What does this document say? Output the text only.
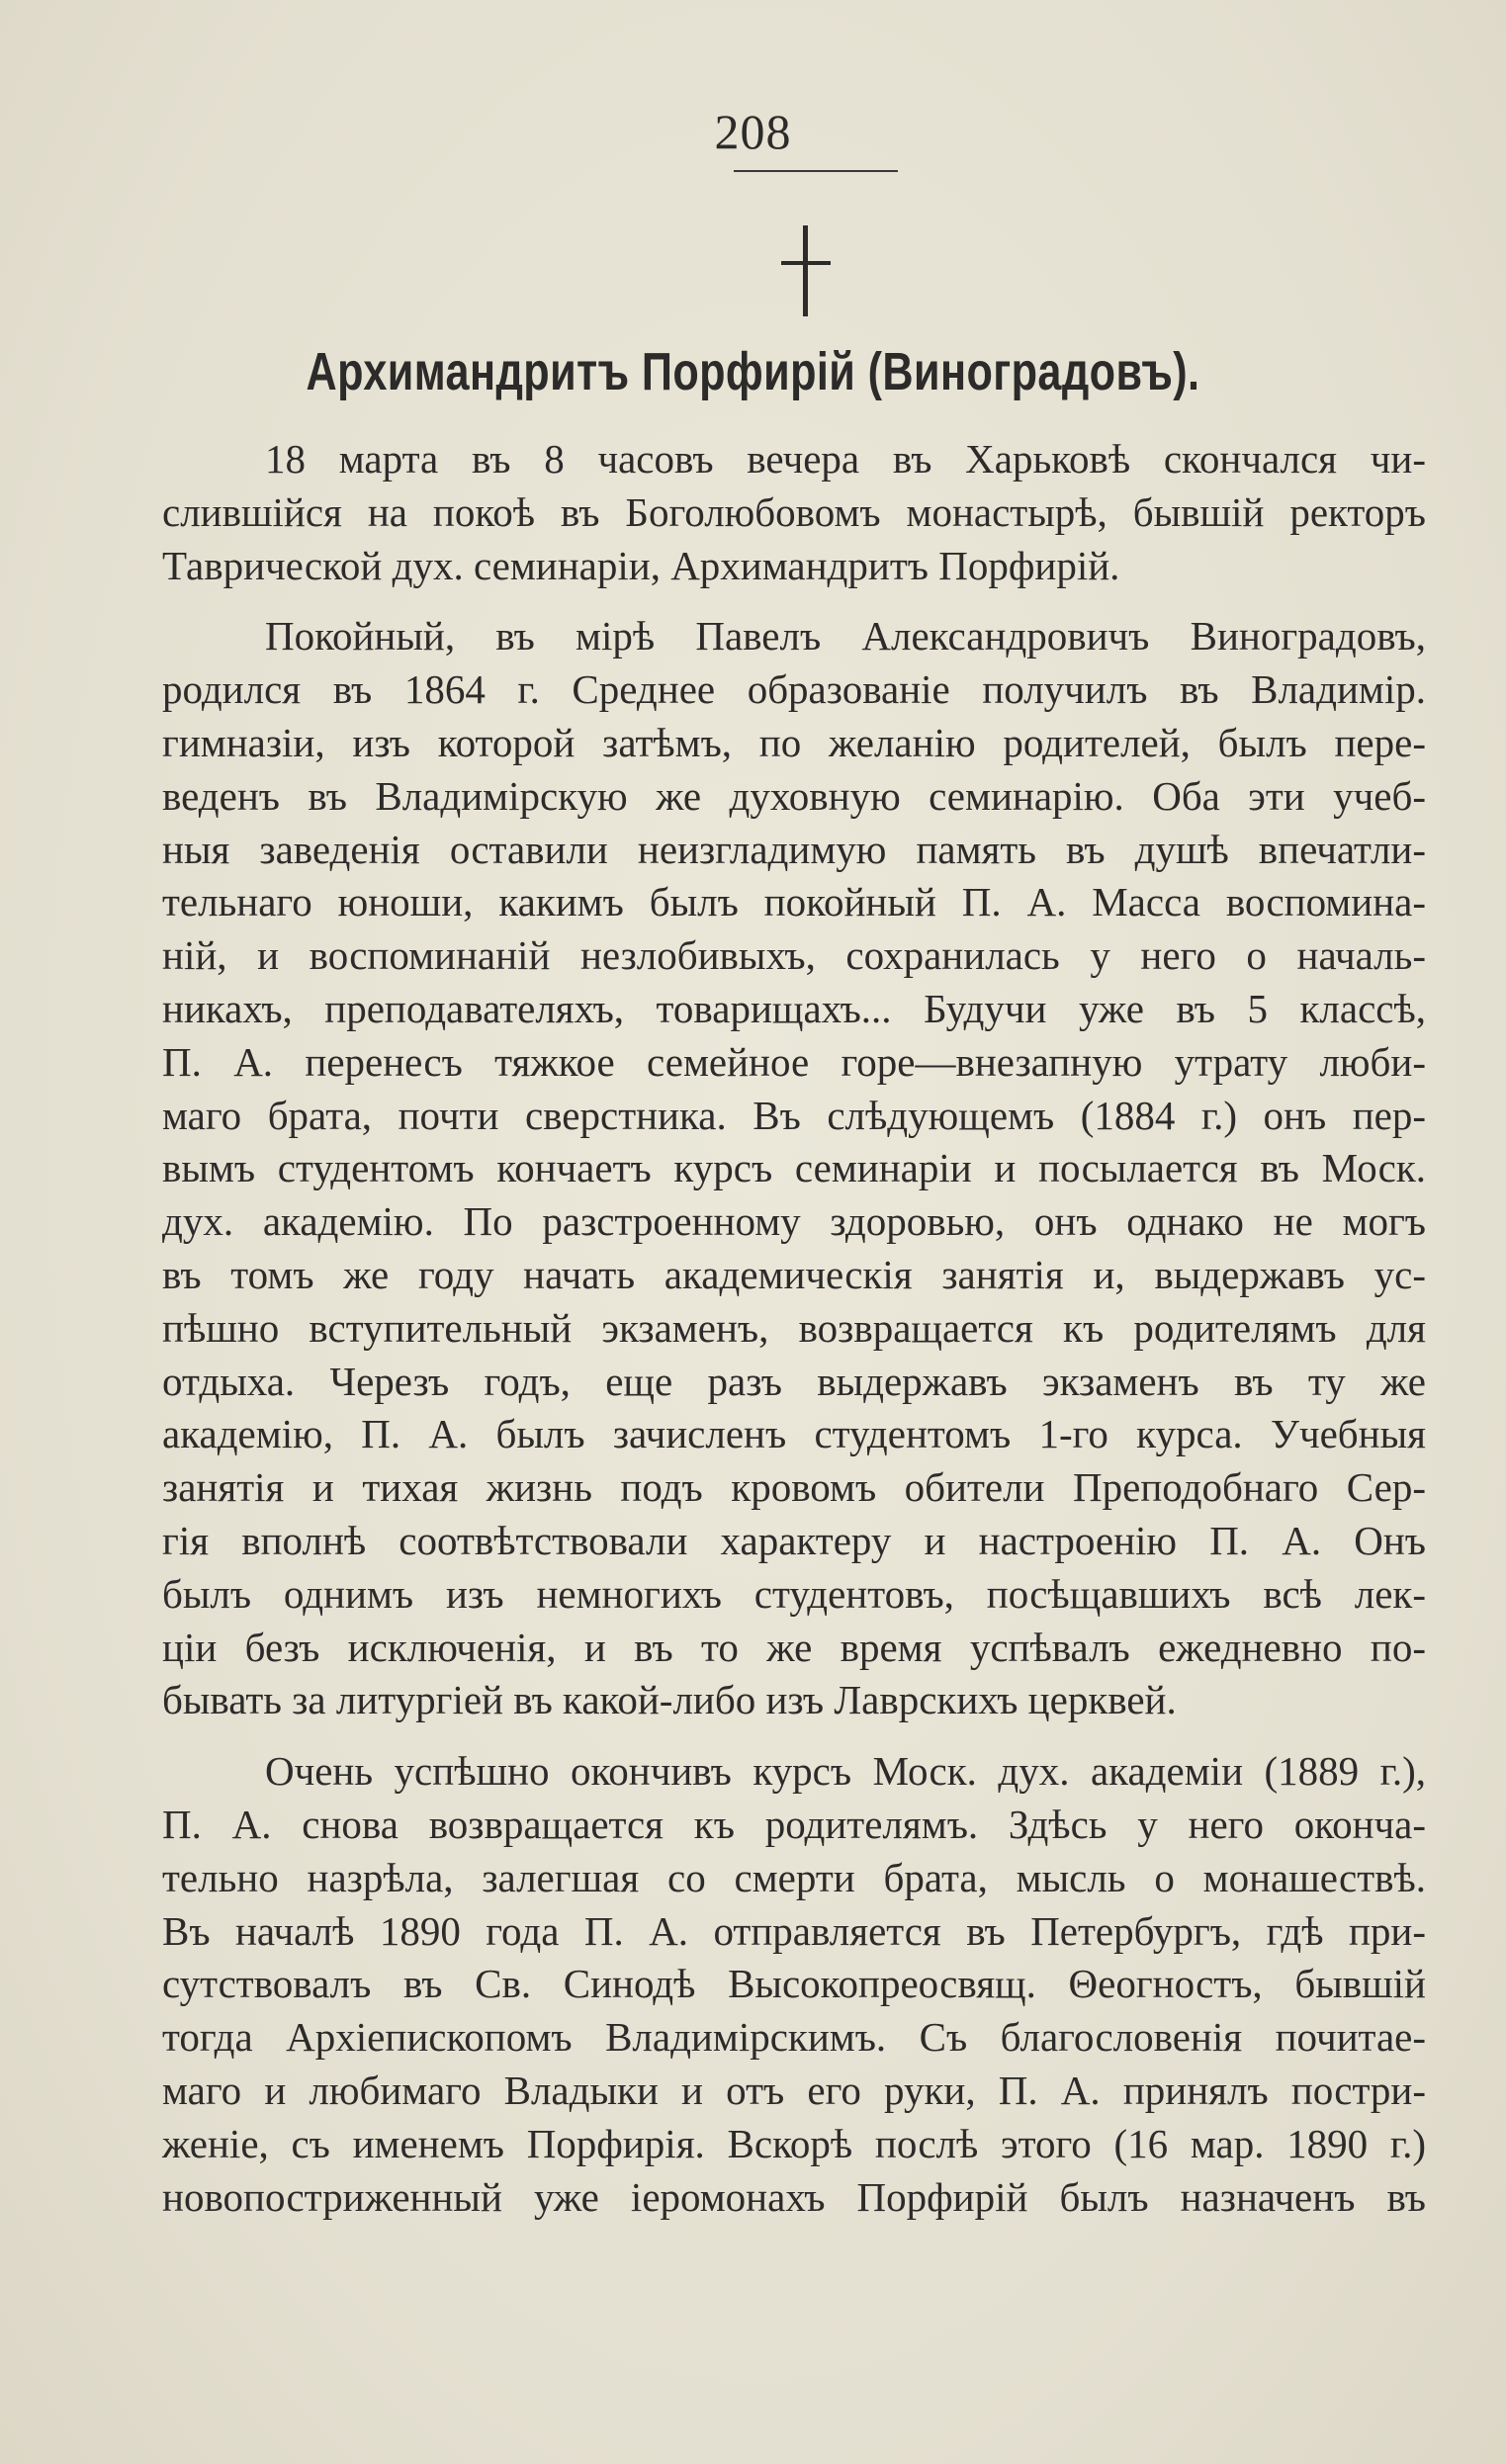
208
Архимандритъ Порфирій (Виноградовъ).
18 марта въ 8 часовъ вечера въ Харьковѣ скончался чи-
слившійся на покоѣ въ Боголюбовомъ монастырѣ, бывшій ректоръ
Таврической дух. семинаріи, Архимандритъ Порфирій.
Покойный, въ мірѣ Павелъ Александровичъ Виноградовъ,
родился въ 1864 г. Среднее образованіе получилъ въ Владимір.
гимназіи, изъ которой затѣмъ, по желанію родителей, былъ пере-
веденъ въ Владимірскую же духовную семинарію. Оба эти учеб-
ныя заведенія оставили неизгладимую память въ душѣ впечатли-
тельнаго юноши, какимъ былъ покойный П. А. Масса воспомина-
ній, и воспоминаній незлобивыхъ, сохранилась у него о началь-
никахъ, преподавателяхъ, товарищахъ... Будучи уже въ 5 классѣ,
П. А. перенесъ тяжкое семейное горе—внезапную утрату люби-
маго брата, почти сверстника. Въ слѣдующемъ (1884 г.) онъ пер-
вымъ студентомъ кончаетъ курсъ семинаріи и посылается въ Моск.
дух. академію. По разстроенному здоровью, онъ однако не могъ
въ томъ же году начать академическія занятія и, выдержавъ ус-
пѣшно вступительный экзаменъ, возвращается къ родителямъ для
отдыха. Черезъ годъ, еще разъ выдержавъ экзаменъ въ ту же
академію, П. А. былъ зачисленъ студентомъ 1-го курса. Учебныя
занятія и тихая жизнь подъ кровомъ обители Преподобнаго Сер-
гія вполнѣ соотвѣтствовали характеру и настроенію П. А. Онъ
былъ однимъ изъ немногихъ студентовъ, посѣщавшихъ всѣ лек-
ціи безъ исключенія, и въ то же время успѣвалъ ежедневно по-
бывать за литургіей въ какой-либо изъ Лаврскихъ церквей.
Очень успѣшно окончивъ курсъ Моск. дух. академіи (1889 г.),
П. А. снова возвращается къ родителямъ. Здѣсь у него оконча-
тельно назрѣла, залегшая со смерти брата, мысль о монашествѣ.
Въ началѣ 1890 года П. А. отправляется въ Петербургъ, гдѣ при-
сутствовалъ въ Св. Синодѣ Высокопреосвящ. Θеогностъ, бывшій
тогда Архіепископомъ Владимірскимъ. Съ благословенія почитае-
маго и любимаго Владыки и отъ его руки, П. А. принялъ постри-
женіе, съ именемъ Порфирія. Вскорѣ послѣ этого (16 мар. 1890 г.)
новопостриженный уже іеромонахъ Порфирій былъ назначенъ въ
